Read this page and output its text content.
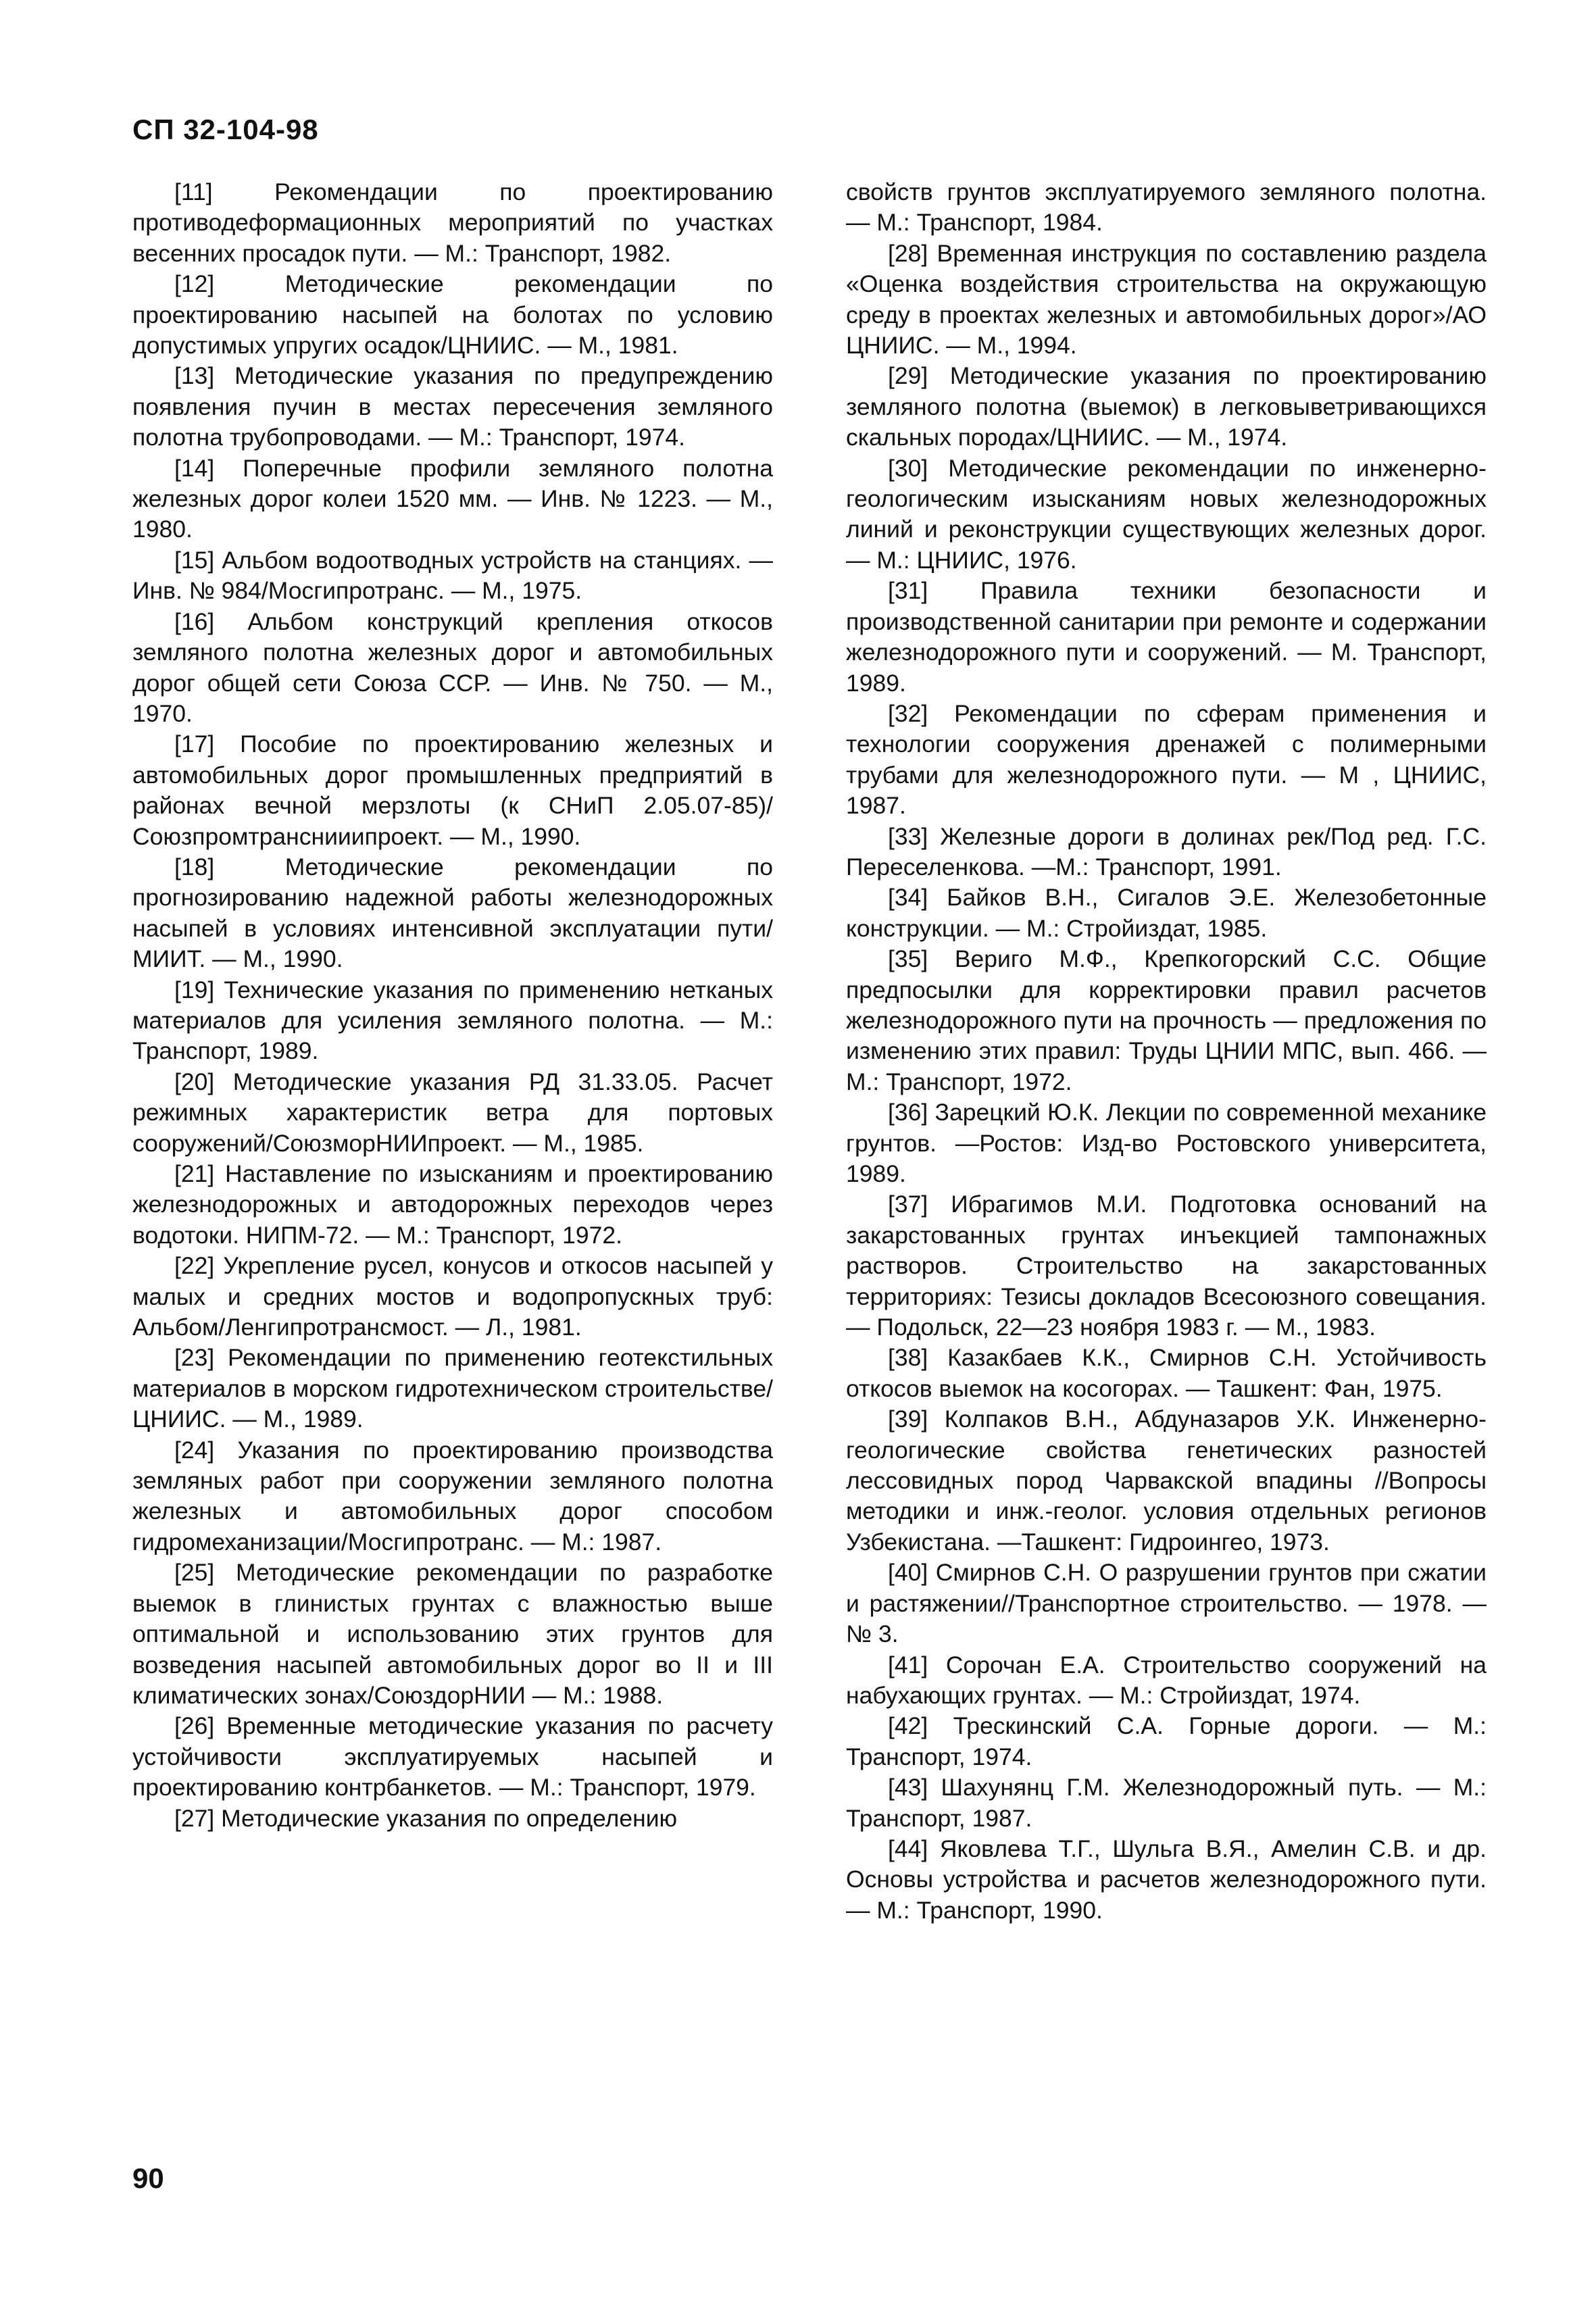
СП 32-104-98

[11] Рекомендации по проектированию противодеформационных мероприятий по участках весенних просадок пути. — М.: Транспорт, 1982.

[12] Методические рекомендации по проектированию насыпей на болотах по условию допустимых упругих осадок/ЦНИИС. — М., 1981.

[13] Методические указания по предупреждению появления пучин в местах пересечения земляного полотна трубопроводами. — М.: Транспорт, 1974.

[14] Поперечные профили земляного полотна железных дорог колеи 1520 мм. — Инв. № 1223. — М., 1980.

[15] Альбом водоотводных устройств на станциях. — Инв. № 984/Мосгипротранс. — М., 1975.

[16] Альбом конструкций крепления откосов земляного полотна железных дорог и автомобильных дорог общей сети Союза ССР. — Инв. № 750. — М., 1970.

[17] Пособие по проектированию железных и автомобильных дорог промышленных предприятий в районах вечной мерзлоты (к СНиП 2.05.07-85)/Союзпромтранснииипроект. — М., 1990.

[18] Методические рекомендации по прогнозированию надежной работы железнодорожных насыпей в условиях интенсивной эксплуатации пути/МИИТ. — М., 1990.

[19] Технические указания по применению нетканых материалов для усиления земляного полотна. — М.: Транспорт, 1989.

[20] Методические указания РД 31.33.05. Расчет режимных характеристик ветра для портовых сооружений/СоюзморНИИпроект. — М., 1985.

[21] Наставление по изысканиям и проектированию железнодорожных и автодорожных переходов через водотоки. НИПМ-72. — М.: Транспорт, 1972.

[22] Укрепление русел, конусов и откосов насыпей у малых и средних мостов и водопропускных труб: Альбом/Ленгипротрансмост. — Л., 1981.

[23] Рекомендации по применению геотекстильных материалов в морском гидротехническом строительстве/ЦНИИС. — М., 1989.

[24] Указания по проектированию производства земляных работ при сооружении земляного полотна железных и автомобильных дорог способом гидромеханизации/Мосгипротранс. — М.: 1987.

[25] Методические рекомендации по разработке выемок в глинистых грунтах с влажностью выше оптимальной и использованию этих грунтов для возведения насыпей автомобильных дорог во II и III климатических зонах/СоюздорНИИ — М.: 1988.

[26] Временные методические указания по расчету устойчивости эксплуатируемых насыпей и проектированию контрбанкетов. — М.: Транспорт, 1979.

[27] Методические указания по определению

свойств грунтов эксплуатируемого земляного полотна. — М.: Транспорт, 1984.

[28] Временная инструкция по составлению раздела «Оценка воздействия строительства на окружающую среду в проектах железных и автомобильных дорог»/АО ЦНИИС. — М., 1994.

[29] Методические указания по проектированию земляного полотна (выемок) в легковыветривающихся скальных породах/ЦНИИС. — М., 1974.

[30] Методические рекомендации по инженерно-геологическим изысканиям новых железнодорожных линий и реконструкции существующих железных дорог. — М.: ЦНИИС, 1976.

[31] Правила техники безопасности и производственной санитарии при ремонте и содержании железнодорожного пути и сооружений. — М. Транспорт, 1989.

[32] Рекомендации по сферам применения и технологии сооружения дренажей с полимерными трубами для железнодорожного пути. — М , ЦНИИС, 1987.

[33] Железные дороги в долинах рек/Под ред. Г.С. Переселенкова. —М.: Транспорт, 1991.

[34] Байков В.Н., Сигалов Э.Е. Железобетонные конструкции. — М.: Стройиздат, 1985.

[35] Вериго М.Ф., Крепкогорский С.С. Общие предпосылки для корректировки правил расчетов железнодорожного пути на прочность — предложения по изменению этих правил: Труды ЦНИИ МПС, вып. 466. — М.: Транспорт, 1972.

[36] Зарецкий Ю.К. Лекции по современной механике грунтов. —Ростов: Изд-во Ростовского университета, 1989.

[37] Ибрагимов М.И. Подготовка оснований на закарстованных грунтах инъекцией тампонажных растворов. Строительство на закарстованных территориях: Тезисы докладов Всесоюзного совещания. — Подольск, 22—23 ноября 1983 г. — М., 1983.

[38] Казакбаев К.К., Смирнов С.Н. Устойчивость откосов выемок на косогорах. — Ташкент: Фан, 1975.

[39] Колпаков В.Н., Абдуназаров У.К. Инженерно-геологические свойства генетических разностей лессовидных пород Чарвакской впадины //Вопросы методики и инж.-геолог. условия отдельных регионов Узбекистана. —Ташкент: Гидроингео, 1973.

[40] Смирнов С.Н. О разрушении грунтов при сжатии и растяжении//Транспортное строительство. — 1978. — № 3.

[41] Сорочан Е.А. Строительство сооружений на набухающих грунтах. — М.: Стройиздат, 1974.

[42] Трескинский С.А. Горные дороги. — М.: Транспорт, 1974.

[43] Шахунянц Г.М. Железнодорожный путь. — М.: Транспорт, 1987.

[44] Яковлева Т.Г., Шульга В.Я., Амелин С.В. и др. Основы устройства и расчетов железнодорожного пути. — М.: Транспорт, 1990.

90
